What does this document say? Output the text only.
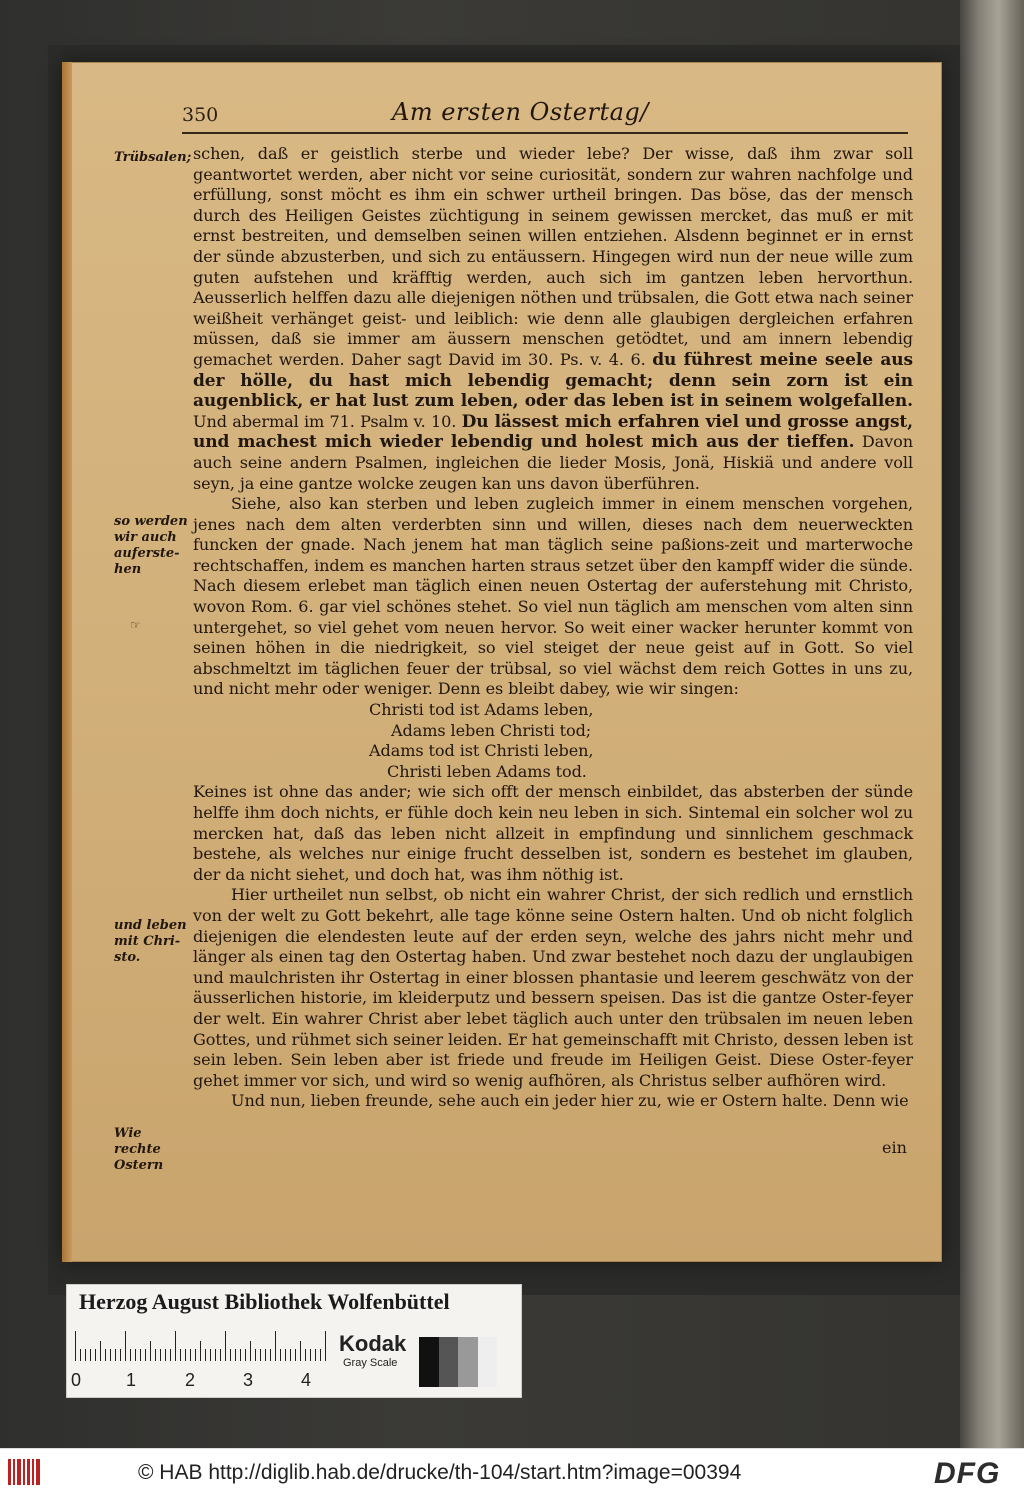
350	Am ersten Ostertag/
Trübsalen;
so werden wir auch auferste-hen
und leben mit Chri-sto.
Wie rechte Ostern
☞

schen, daß er geistlich sterbe und wieder lebe? Der wisse, daß ihm zwar soll geantwortet werden, aber nicht vor seine curiosität, sondern zur wahren nachfolge und erfüllung, sonst möcht es ihm ein schwer urtheil bringen. Das böse, das der mensch durch des Heiligen Geistes züchtigung in seinem gewissen mercket, das muß er mit ernst bestreiten, und demselben seinen willen entziehen. Alsdenn beginnet er in ernst der sünde abzusterben, und sich zu entäussern. Hingegen wird nun der neue wille zum guten aufstehen und kräfftig werden, auch sich im gantzen leben hervorthun. Aeusserlich helffen dazu alle diejenigen nöthen und trübsalen, die Gott etwa nach seiner weißheit verhänget geist- und leiblich: wie denn alle glaubigen dergleichen erfahren müssen, daß sie immer am äussern menschen getödtet, und am innern lebendig gemachet werden. Daher sagt David im 30. Ps. v. 4. 6. du führest meine seele aus der hölle, du hast mich lebendig gemacht; denn sein zorn ist ein augenblick, er hat lust zum leben, oder das leben ist in seinem wolgefallen. Und abermal im 71. Psalm v. 10. Du lässest mich erfahren viel und grosse angst, und machest mich wieder lebendig und holest mich aus der tieffen. Davon auch seine andern Psalmen, ingleichen die lieder Mosis, Jonä, Hiskiä und andere voll seyn, ja eine gantze wolcke zeugen kan uns davon überführen.

Siehe, also kan sterben und leben zugleich immer in einem menschen vorgehen, jenes nach dem alten verderbten sinn und willen, dieses nach dem neuerweckten funcken der gnade. Nach jenem hat man täglich seine paßions-zeit und marterwoche rechtschaffen, indem es manchen harten straus setzet über den kampff wider die sünde. Nach diesem erlebet man täglich einen neuen Ostertag der auferstehung mit Christo, wovon Rom. 6. gar viel schönes stehet. So viel nun täglich am menschen vom alten sinn untergehet, so viel gehet vom neuen hervor. So weit einer wacker herunter kommt von seinen höhen in die niedrigkeit, so viel steiget der neue geist auf in Gott. So viel abschmeltzt im täglichen feuer der trübsal, so viel wächst dem reich Gottes in uns zu, und nicht mehr oder weniger. Denn es bleibt dabey, wie wir singen:

Christi tod ist Adams leben,
Adams leben Christi tod;
Adams tod ist Christi leben,
Christi leben Adams tod.

Keines ist ohne das ander; wie sich offt der mensch einbildet, das absterben der sünde helffe ihm doch nichts, er fühle doch kein neu leben in sich. Sintemal ein solcher wol zu mercken hat, daß das leben nicht allzeit in empfindung und sinnlichem geschmack bestehe, als welches nur einige frucht desselben ist, sondern es bestehet im glauben, der da nicht siehet, und doch hat, was ihm nöthig ist.

Hier urtheilet nun selbst, ob nicht ein wahrer Christ, der sich redlich und ernstlich von der welt zu Gott bekehrt, alle tage könne seine Ostern halten. Und ob nicht folglich diejenigen die elendesten leute auf der erden seyn, welche des jahrs nicht mehr und länger als einen tag den Ostertag haben. Und zwar bestehet noch dazu der unglaubigen und maulchristen ihr Ostertag in einer blossen phantasie und leerem geschwätz von der äusserlichen historie, im kleiderputz und bessern speisen. Das ist die gantze Oster-feyer der welt. Ein wahrer Christ aber lebet täglich auch unter den trübsalen im neuen leben Gottes, und rühmet sich seiner leiden. Er hat gemeinschafft mit Christo, dessen leben ist sein leben. Sein leben aber ist friede und freude im Heiligen Geist. Diese Oster-feyer gehet immer vor sich, und wird so wenig aufhören, als Christus selber aufhören wird.

Und nun, lieben freunde, sehe auch ein jeder hier zu, wie er Ostern halte. Denn wie

ein
Herzog August Bibliothek Wolfenbüttel
0 1	2	3	4
Kodak
Gray Scale
© HAB http://diglib.hab.de/drucke/th-104/start.htm?image=00394	DFG
